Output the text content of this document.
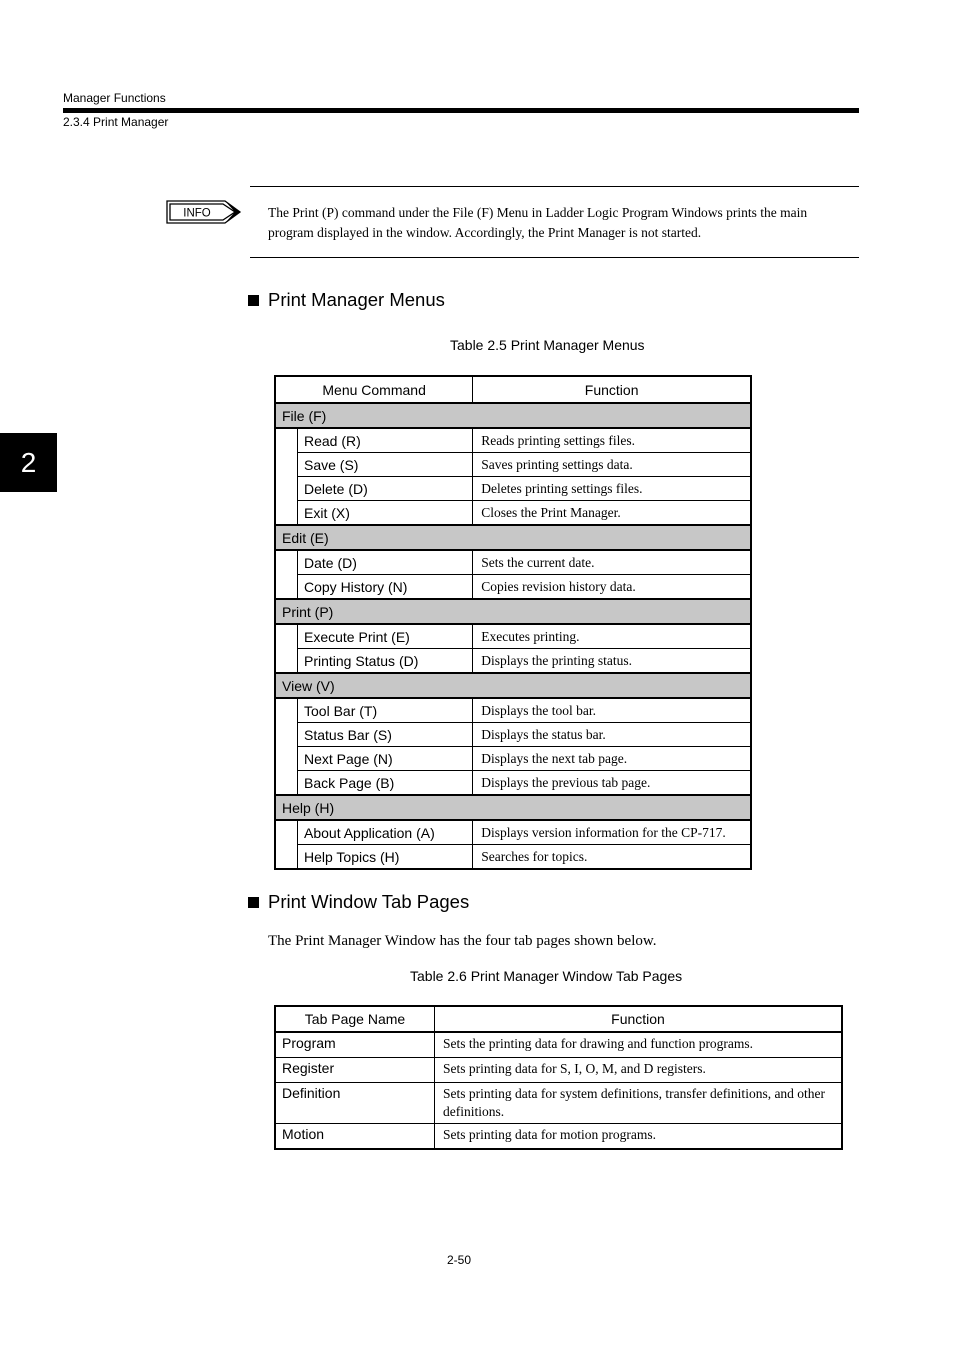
Manager Functions
2.3.4 Print Manager
2
INFO	The Print (P) command under the File (F) Menu in Ladder Logic Program Windows prints the main program displayed in the window. Accordingly, the Print Manager is not started.
Print Manager Menus
Table 2.5 Print Manager Menus
Menu Command		Function
File (F)		
	Read (R)	Reads printing settings files.
	Save (S)	Saves printing settings data.
	Delete (D)	Deletes printing settings files.
	Exit (X)	Closes the Print Manager.
Edit (E)		
	Date (D)	Sets the current date.
	Copy History (N)	Copies revision history data.
Print (P)		
	Execute Print (E)	Executes printing.
	Printing Status (D)	Displays the printing status.
View (V)		
	Tool Bar (T)	Displays the tool bar.
	Status Bar (S)	Displays the status bar.
	Next Page (N)	Displays the next tab page.
	Back Page (B)	Displays the previous tab page.
Help (H)		
	About Application (A)	Displays version information for the CP-717.
	Help Topics (H)	Searches for topics.
Print Window Tab Pages
The Print Manager Window has the four tab pages shown below.
Table 2.6 Print Manager Window Tab Pages
Tab Page Name	Function
Program	Sets the printing data for drawing and function programs.
Register	Sets printing data for S, I, O, M, and D registers.
Definition	Sets printing data for system definitions, transfer definitions, and other definitions.
Motion	Sets printing data for motion programs.
2-50
